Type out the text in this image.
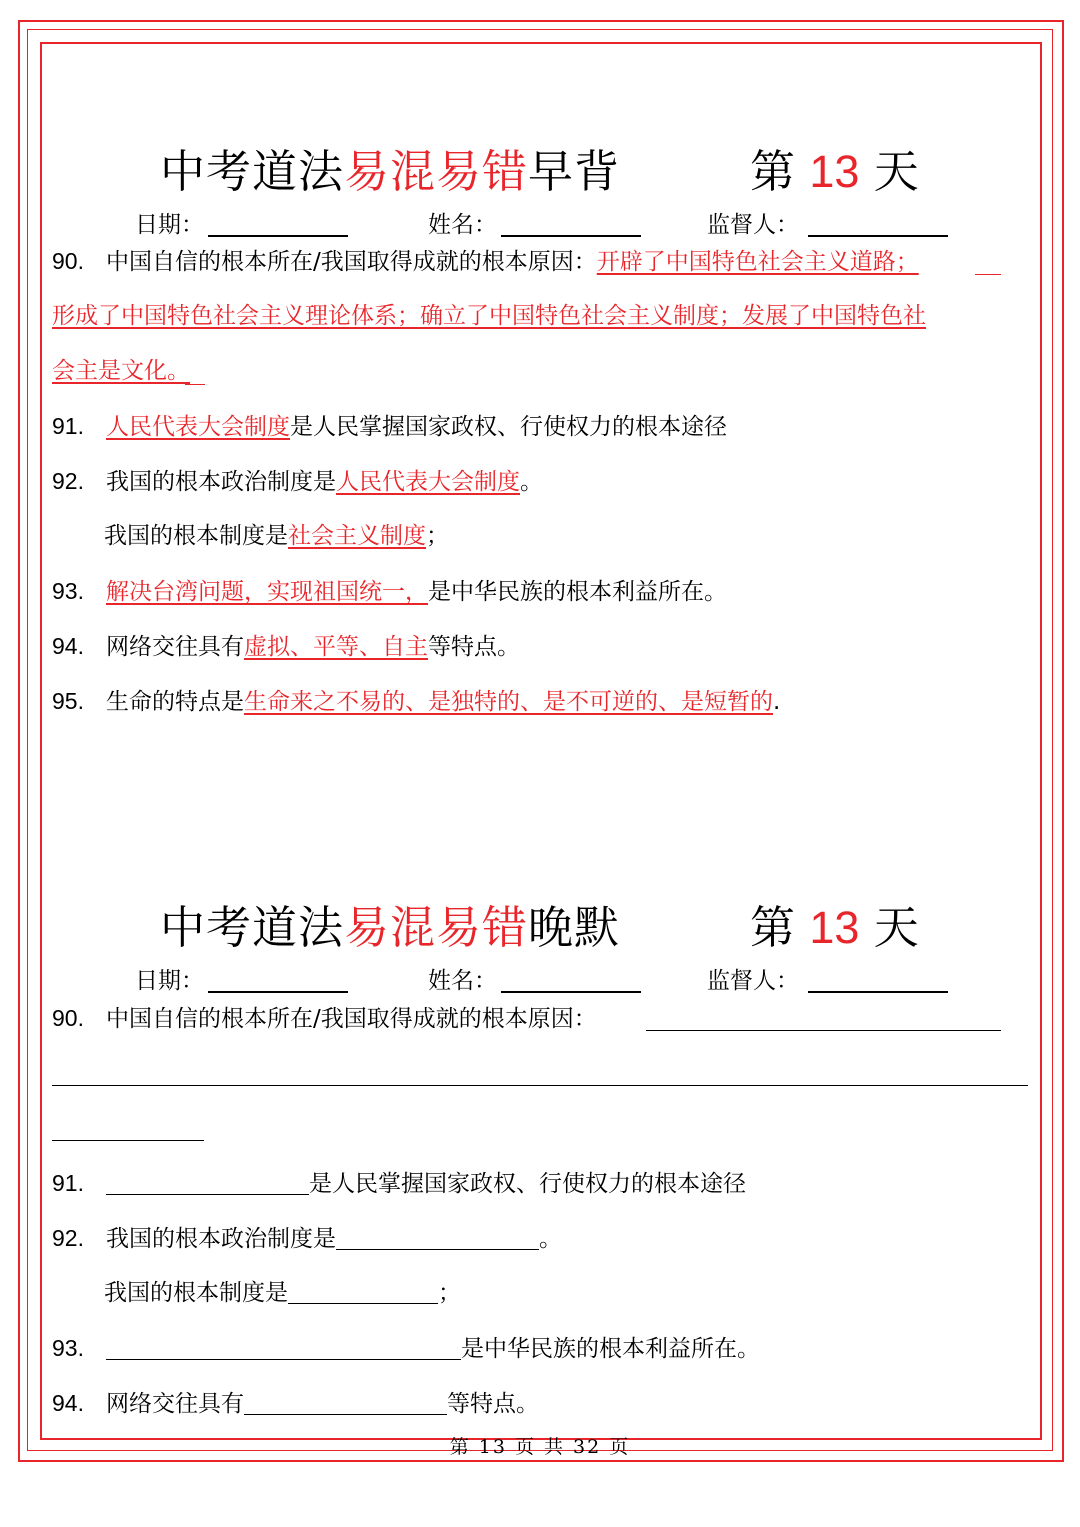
中考道法易混易错早背	第 13 天
日期：	姓名：	监督人：
90. 中国自信的根本所在/我国取得成就的根本原因：开辟了中国特色社会主义道路；
形成了中国特色社会主义理论体系；确立了中国特色社会主义制度；发展了中国特色社
会主是文化。
91. 人民代表大会制度是人民掌握国家政权、行使权力的根本途径
92. 我国的根本政治制度是人民代表大会制度。
我国的根本制度是社会主义制度；
93. 解决台湾问题，实现祖国统一，是中华民族的根本利益所在。
94. 网络交往具有虚拟、平等、自主等特点。
95. 生命的特点是生命来之不易的、是独特的、是不可逆的、是短暂的.
中考道法易混易错晚默	第 13 天
日期：	姓名：	监督人：
90. 中国自信的根本所在/我国取得成就的根本原因：
91.	是人民掌握国家政权、行使权力的根本途径
92. 我国的根本政治制度是	。
我国的根本制度是	；
93.	是中华民族的根本利益所在。
94. 网络交往具有	等特点。
第 13 页 共 32 页
